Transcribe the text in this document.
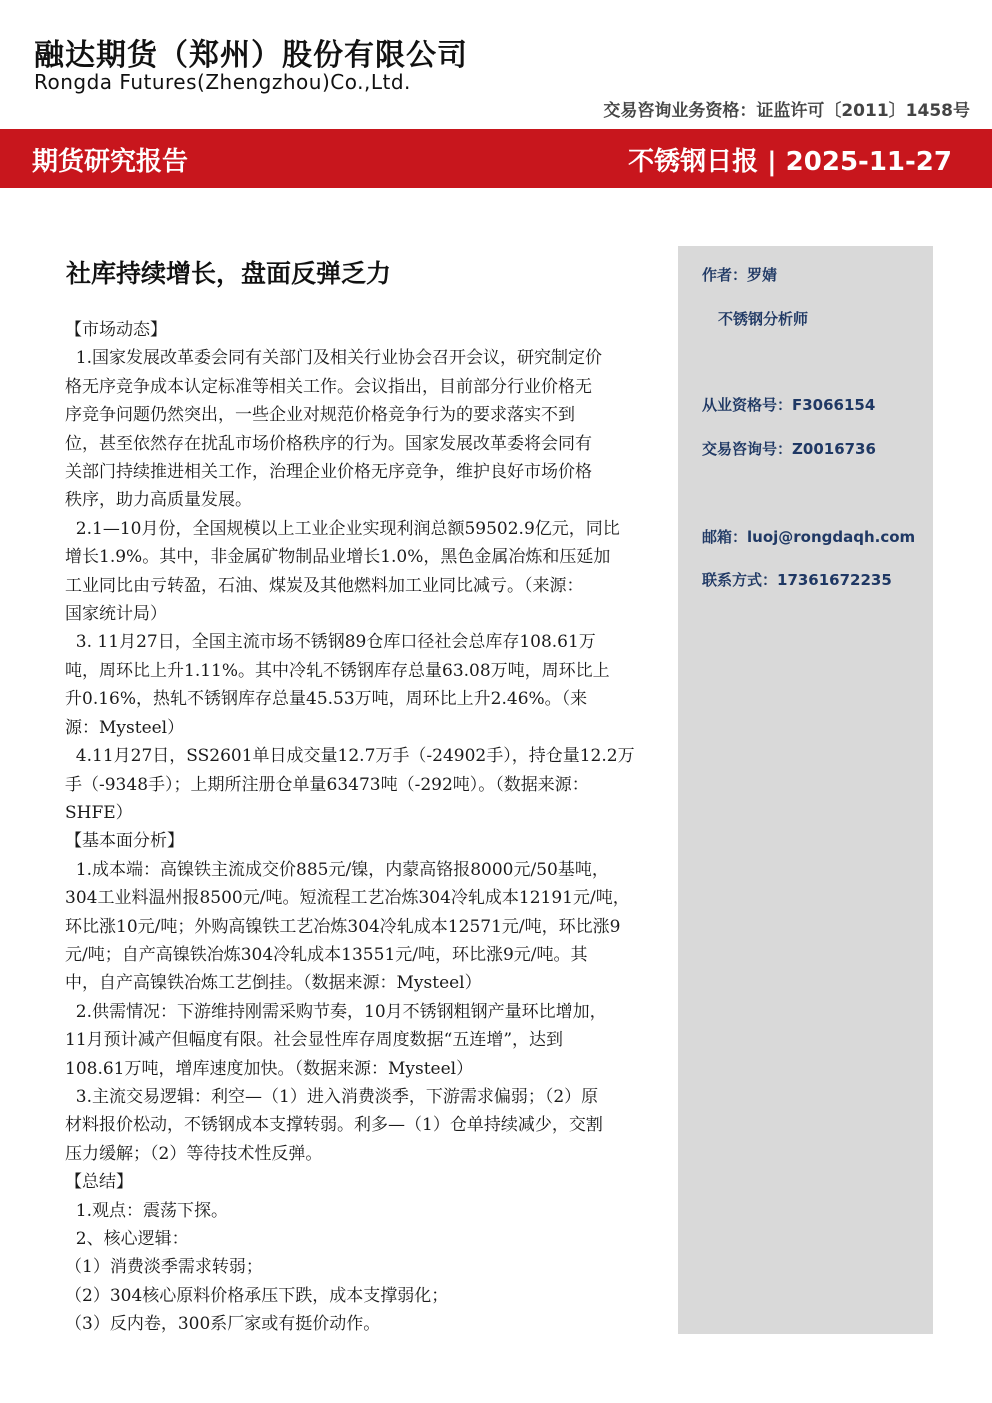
融达期货（郑州）股份有限公司
Rongda Futures(Zhengzhou)Co.,Ltd.
交易咨询业务资格：证监许可〔2011〕1458号
期货研究报告	不锈钢日报 | 2025-11-27
社库持续增长，盘面反弹乏力

【市场动态】

1.国家发展改革委会同有关部门及相关行业协会召开会议，研究制定价

格无序竞争成本认定标准等相关工作。会议指出，目前部分行业价格无

序竞争问题仍然突出，一些企业对规范价格竞争行为的要求落实不到

位，甚至依然存在扰乱市场价格秩序的行为。国家发展改革委将会同有

关部门持续推进相关工作，治理企业价格无序竞争，维护良好市场价格

秩序，助力高质量发展。

2.1—10月份，全国规模以上工业企业实现利润总额59502.9亿元，同比

增长1.9%。其中，非金属矿物制品业增长1.0%，黑色金属冶炼和压延加

工业同比由亏转盈，石油、煤炭及其他燃料加工业同比减亏。（来源：

国家统计局）

3. 11月27日，全国主流市场不锈钢89仓库口径社会总库存108.61万

吨，周环比上升1.11%。其中冷轧不锈钢库存总量63.08万吨，周环比上

升0.16%，热轧不锈钢库存总量45.53万吨，周环比上升2.46%。（来

源：Mysteel）

4.11月27日，SS2601单日成交量12.7万手（-24902手），持仓量12.2万

手（-9348手）；上期所注册仓单量63473吨（-292吨）。（数据来源：

SHFE）

【基本面分析】

1.成本端：高镍铁主流成交价885元/镍，内蒙高铬报8000元/50基吨，

304工业料温州报8500元/吨。短流程工艺冶炼304冷轧成本12191元/吨，

环比涨10元/吨；外购高镍铁工艺冶炼304冷轧成本12571元/吨，环比涨9

元/吨；自产高镍铁冶炼304冷轧成本13551元/吨，环比涨9元/吨。其

中，自产高镍铁冶炼工艺倒挂。（数据来源：Mysteel）

2.供需情况：下游维持刚需采购节奏，10月不锈钢粗钢产量环比增加，

11月预计减产但幅度有限。社会显性库存周度数据“五连增”，达到

108.61万吨，增库速度加快。（数据来源：Mysteel）

3.主流交易逻辑：利空—（1）进入消费淡季，下游需求偏弱；（2）原

材料报价松动，不锈钢成本支撑转弱。利多—（1）仓单持续减少，交割

压力缓解；（2）等待技术性反弹。

【总结】

1.观点：震荡下探。

2、核心逻辑：

（1）消费淡季需求转弱；

（2）304核心原料价格承压下跌，成本支撑弱化；

（3）反内卷，300系厂家或有挺价动作。

作者：罗婧
不锈钢分析师
从业资格号：F3066154
交易咨询号：Z0016736
邮箱：luoj@rongdaqh.com
联系方式：17361672235
